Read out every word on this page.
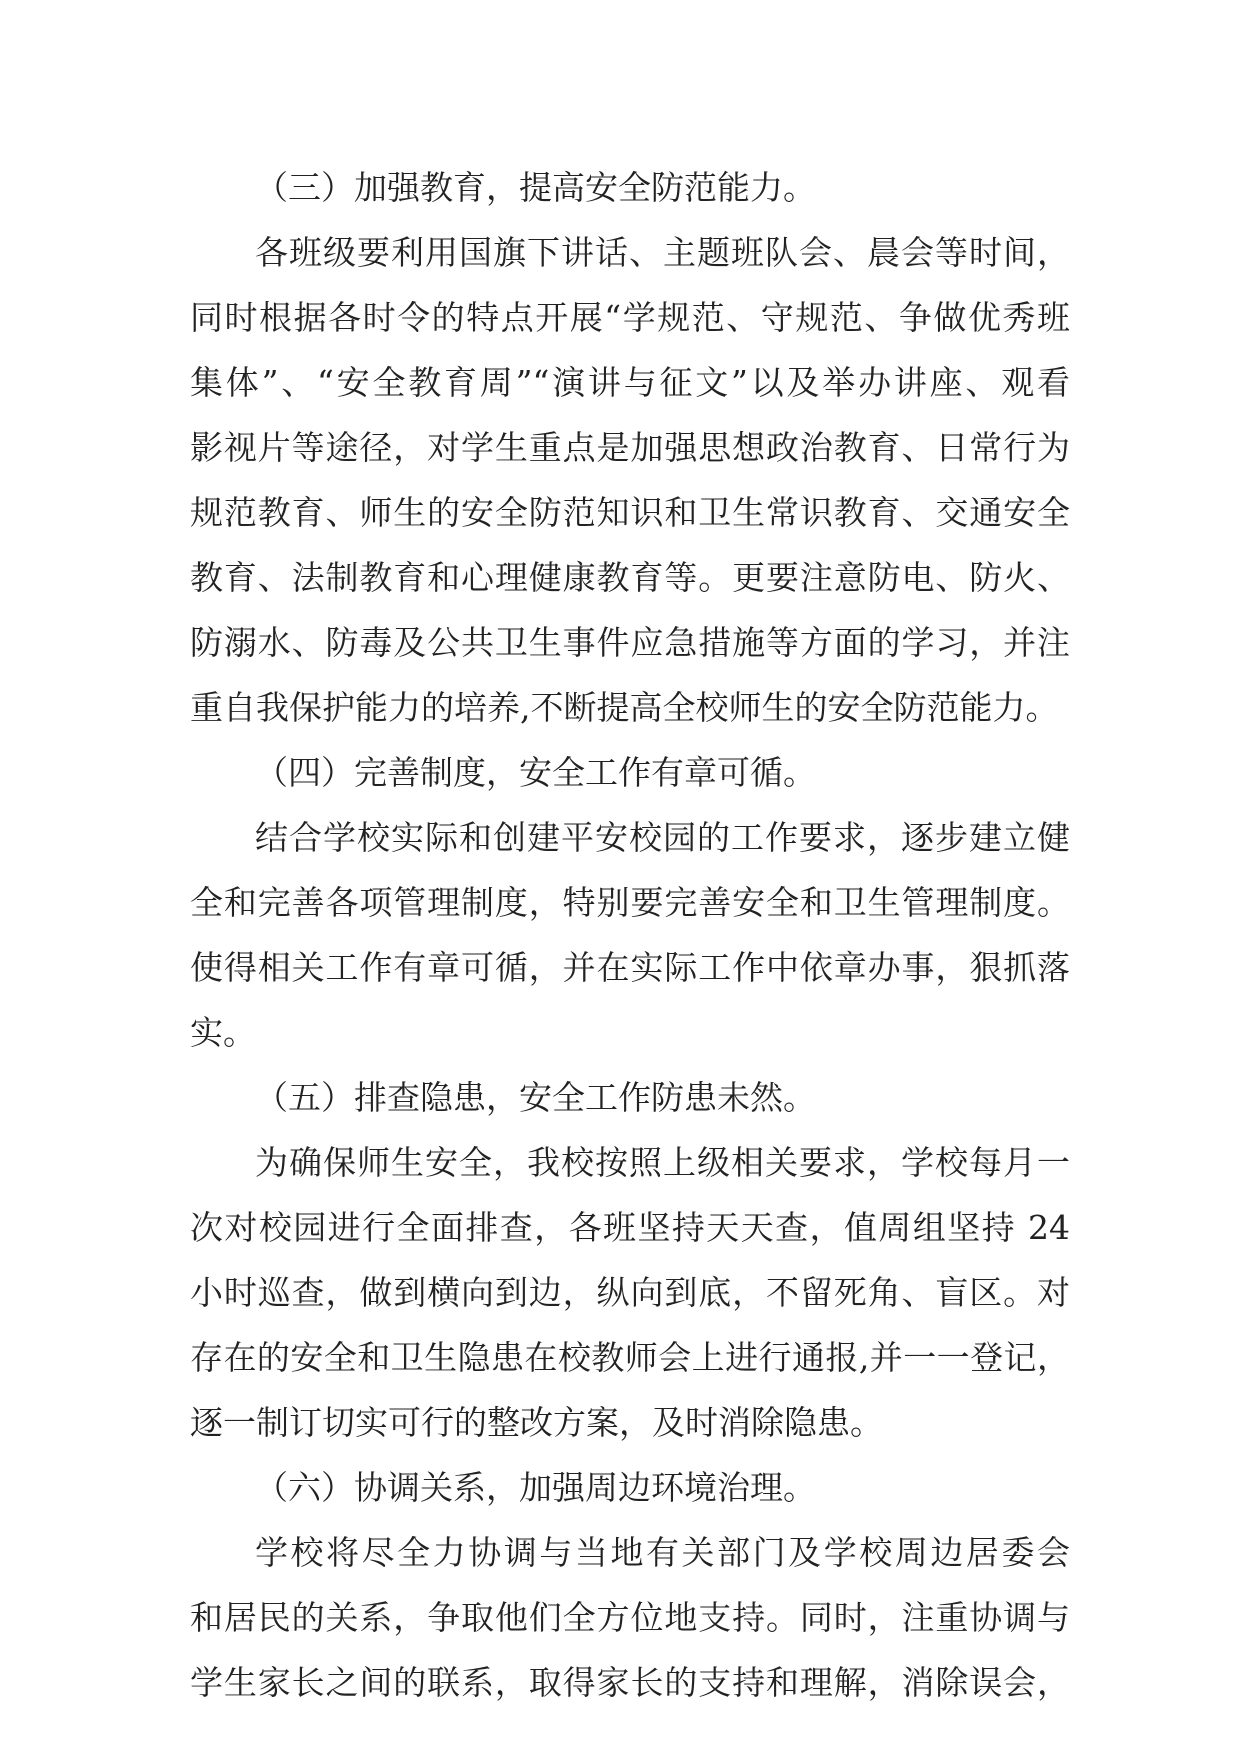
（三）加强教育，提高安全防范能力。
各班级要利用国旗下讲话、主题班队会、晨会等时间，
同时根据各时令的特点开展“学规范、守规范、争做优秀班
集体”、“安全教育周”“演讲与征文”以及举办讲座、观看
影视片等途径，对学生重点是加强思想政治教育、日常行为
规范教育、师生的安全防范知识和卫生常识教育、交通安全
教育、法制教育和心理健康教育等。更要注意防电、防火、
防溺水、防毒及公共卫生事件应急措施等方面的学习，并注
重自我保护能力的培养,不断提高全校师生的安全防范能力。
（四）完善制度，安全工作有章可循。
结合学校实际和创建平安校园的工作要求，逐步建立健
全和完善各项管理制度，特别要完善安全和卫生管理制度。
使得相关工作有章可循，并在实际工作中依章办事，狠抓落
实。
（五）排查隐患，安全工作防患未然。
为确保师生安全，我校按照上级相关要求，学校每月一
次对校园进行全面排查，各班坚持天天查，值周组坚持 24
小时巡查，做到横向到边，纵向到底，不留死角、盲区。对
存在的安全和卫生隐患在校教师会上进行通报,并一一登记，
逐一制订切实可行的整改方案，及时消除隐患。
（六）协调关系，加强周边环境治理。
学校将尽全力协调与当地有关部门及学校周边居委会
和居民的关系，争取他们全方位地支持。同时，注重协调与
学生家长之间的联系，取得家长的支持和理解，消除误会，
